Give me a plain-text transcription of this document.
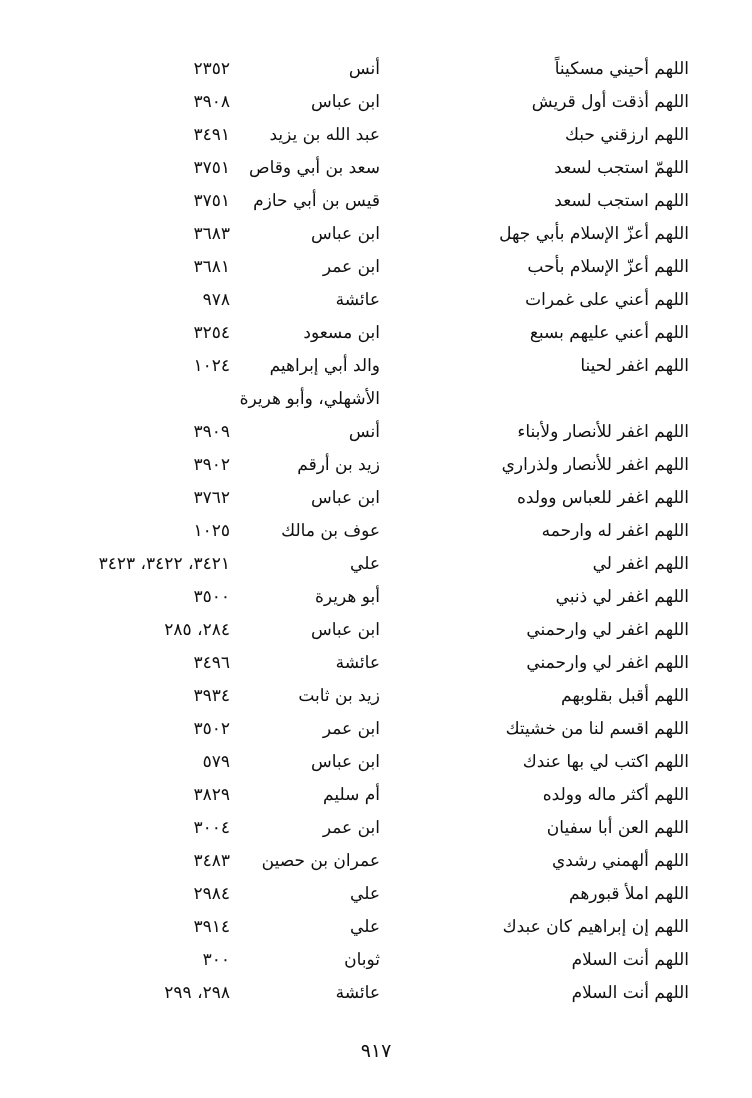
اللهم أحيني مسكيناً
أنس
٢٣٥٢
اللهم أذقت أول قريش
ابن عباس
٣٩٠٨
اللهم ارزقني حبك
عبد الله بن يزيد
٣٤٩١
اللهمّ استجب لسعد
سعد بن أبي وقاص
٣٧٥١
اللهم استجب لسعد
قيس بن أبي حازم
٣٧٥١
اللهم أعزّ الإسلام بأبي جهل
ابن عباس
٣٦٨٣
اللهم أعزّ الإسلام بأحب
ابن عمر
٣٦٨١
اللهم أعني على غمرات
عائشة
٩٧٨
اللهم أعني عليهم بسبع
ابن مسعود
٣٢٥٤
اللهم اغفر لحينا
والد أبي إبراهيم
١٠٢٤
الأشهلي، وأبو هريرة
اللهم اغفر للأنصار ولأبناء
أنس
٣٩٠٩
اللهم اغفر للأنصار ولذراري
زيد بن أرقم
٣٩٠٢
اللهم اغفر للعباس وولده
ابن عباس
٣٧٦٢
اللهم اغفر له وارحمه
عوف بن مالك
١٠٢٥
اللهم اغفر لي
علي
٣٤٢١، ٣٤٢٢، ٣٤٢٣
اللهم اغفر لي ذنبي
أبو هريرة
٣٥٠٠
اللهم اغفر لي وارحمني
ابن عباس
٢٨٤، ٢٨٥
اللهم اغفر لي وارحمني
عائشة
٣٤٩٦
اللهم أقبل بقلوبهم
زيد بن ثابت
٣٩٣٤
اللهم اقسم لنا من خشيتك
ابن عمر
٣٥٠٢
اللهم اكتب لي بها عندك
ابن عباس
٥٧٩
اللهم أكثر ماله وولده
أم سليم
٣٨٢٩
اللهم العن أبا سفيان
ابن عمر
٣٠٠٤
اللهم ألهمني رشدي
عمران بن حصين
٣٤٨٣
اللهم املأ قبورهم
علي
٢٩٨٤
اللهم إن إبراهيم كان عبدك
علي
٣٩١٤
اللهم أنت السلام
ثوبان
٣٠٠
اللهم أنت السلام
عائشة
٢٩٨، ٢٩٩
٩١٧
